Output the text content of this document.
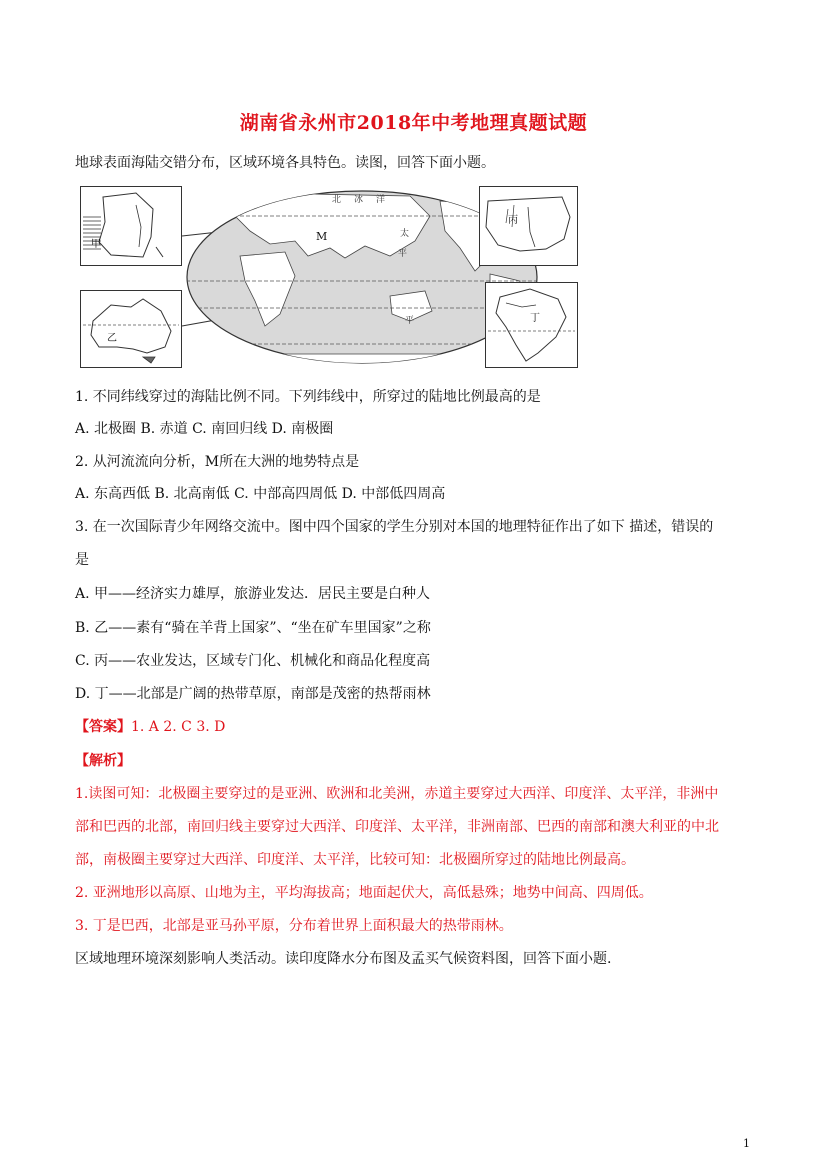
湖南省永州市2018年中考地理真题试题
地球表面海陆交错分布，区域环境各具特色。读图，回答下面小题。
M
北 冰 洋
太
平
平
甲
乙
丙
丁
1. 不同纬线穿过的海陆比例不同。下列纬线中，所穿过的陆地比例最高的是
A. 北极圈 B. 赤道 C. 南回归线 D. 南极圈
2. 从河流流向分析，M所在大洲的地势特点是
A. 东高西低 B. 北高南低 C. 中部高四周低 D. 中部低四周高
3. 在一次国际青少年网络交流中。图中四个国家的学生分别对本国的地理特征作出了如下 描述，错误的
是
A. 甲——经济实力雄厚，旅游业发达．居民主要是白种人
B. 乙——素有“骑在羊背上国家”、“坐在矿车里国家”之称
C. 丙——农业发达，区域专门化、机械化和商品化程度高
D. 丁——北部是广阔的热带草原，南部是茂密的热帮雨林
【答案】1. A 2. C 3. D
【解析】
1.读图可知：北极圈主要穿过的是亚洲、欧洲和北美洲，赤道主要穿过大西洋、印度洋、太平洋，非洲中
部和巴西的北部，南回归线主要穿过大西洋、印度洋、太平洋，非洲南部、巴西的南部和澳大利亚的中北
部，南极圈主要穿过大西洋、印度洋、太平洋，比较可知：北极圈所穿过的陆地比例最高。
2. 亚洲地形以高原、山地为主，平均海拔高；地面起伏大，高低悬殊；地势中间高、四周低。
3. 丁是巴西，北部是亚马孙平原，分布着世界上面积最大的热带雨林。
区域地理环境深刻影响人类活动。读印度降水分布图及孟买气候资料图，回答下面小题.
1
